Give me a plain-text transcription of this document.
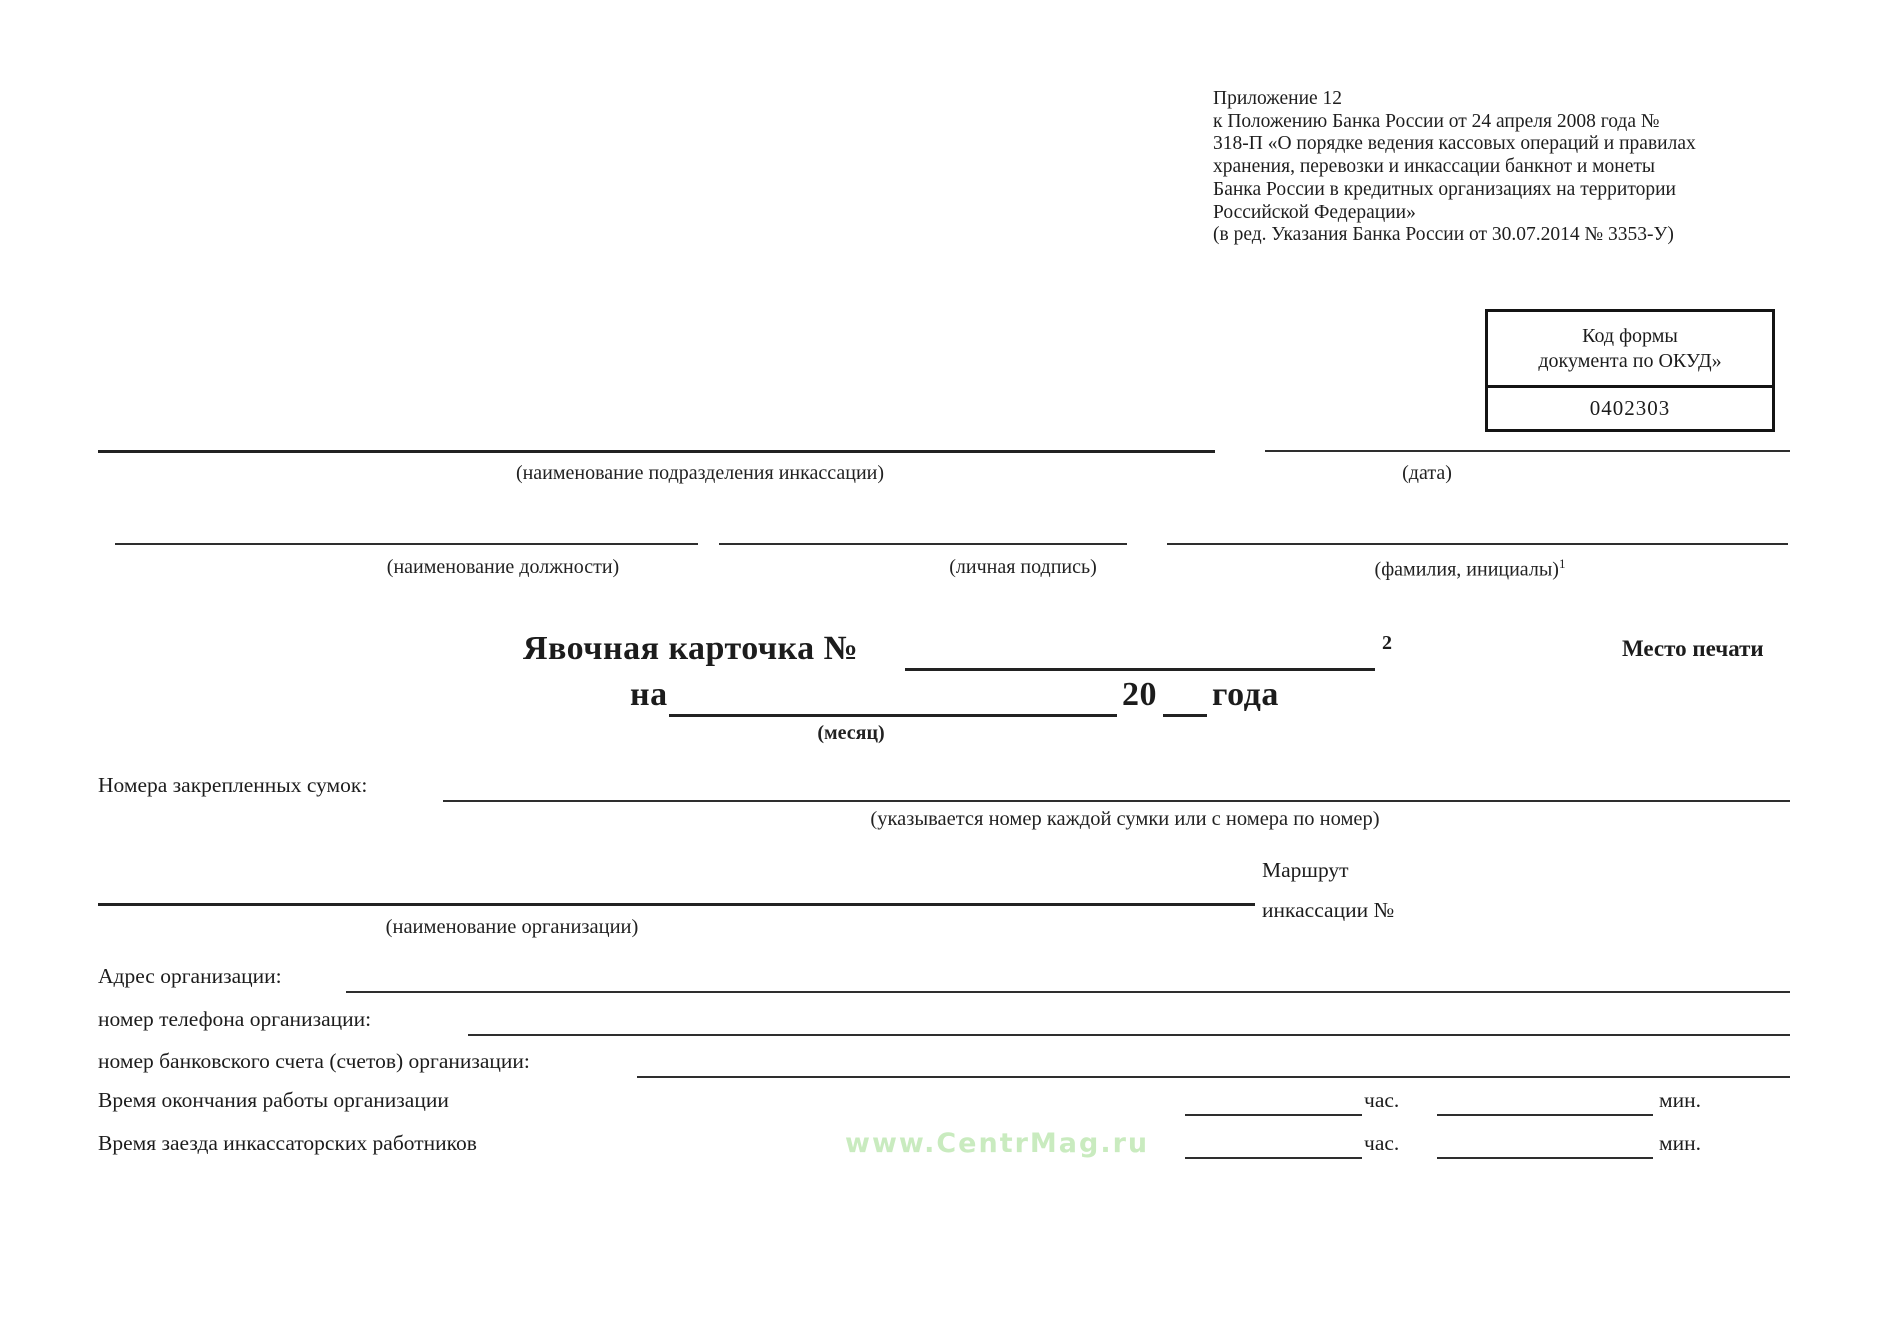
Приложение 12
к Положению Банка России от 24 апреля 2008 года №
318-П «О порядке ведения кассовых операций и правилах
хранения, перевозки и инкассации банкнот и монеты
Банка России в кредитных организациях на территории
Российской Федерации»
(в ред. Указания Банка России от 30.07.2014 № 3353-У)
Код формы
документа по ОКУД»
0402303
(наименование подразделения инкассации)	(дата)
(наименование должности)	(личная подпись)	(фамилия, инициалы)$^1$
Явочная карточка №	2	Место печати
на	20 года
(месяц)
Номера закрепленных сумок:
(указывается номер каждой сумки или с номера по номер)
(наименование организации)
Маршрут
инкассации №
Адрес организации:
номер телефона организации:
номер банковского счета (счетов) организации:
Время окончания работы организации	час.	мин.
Время заезда инкассаторских работников	час.	мин.
www.CentrMag.ru
